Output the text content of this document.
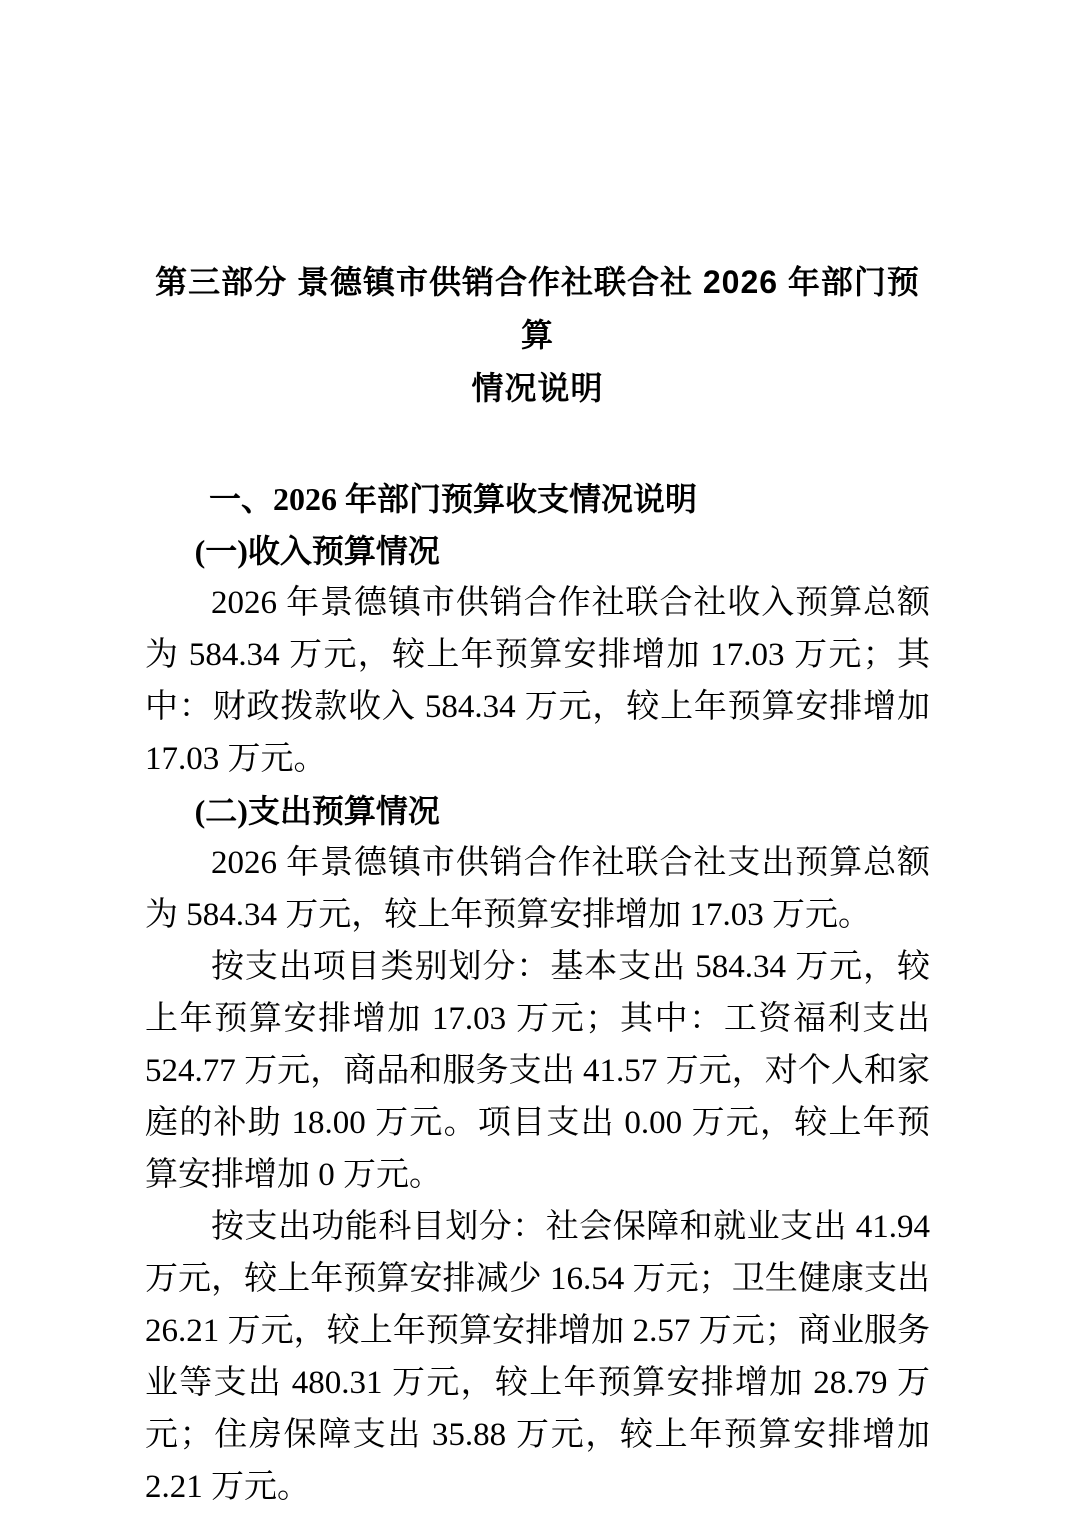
第三部分 景德镇市供销合作社联合社 2026 年部门预算
情况说明
一、2026 年部门预算收支情况说明
(一)收入预算情况

2026 年景德镇市供销合作社联合社收入预算总额为 584.34 万元，较上年预算安排增加 17.03 万元；其中：财政拨款收入 584.34 万元，较上年预算安排增加 17.03 万元。

(二)支出预算情况

2026 年景德镇市供销合作社联合社支出预算总额为 584.34 万元，较上年预算安排增加 17.03 万元。

按支出项目类别划分：基本支出 584.34 万元，较上年预算安排增加 17.03 万元；其中：工资福利支出 524.77 万元，商品和服务支出 41.57 万元，对个人和家庭的补助 18.00 万元。项目支出 0.00 万元，较上年预算安排增加 0 万元。

按支出功能科目划分：社会保障和就业支出 41.94 万元，较上年预算安排减少 16.54 万元；卫生健康支出 26.21 万元，较上年预算安排增加 2.57 万元；商业服务业等支出 480.31 万元，较上年预算安排增加 28.79 万元；住房保障支出 35.88 万元，较上年预算安排增加 2.21 万元。
